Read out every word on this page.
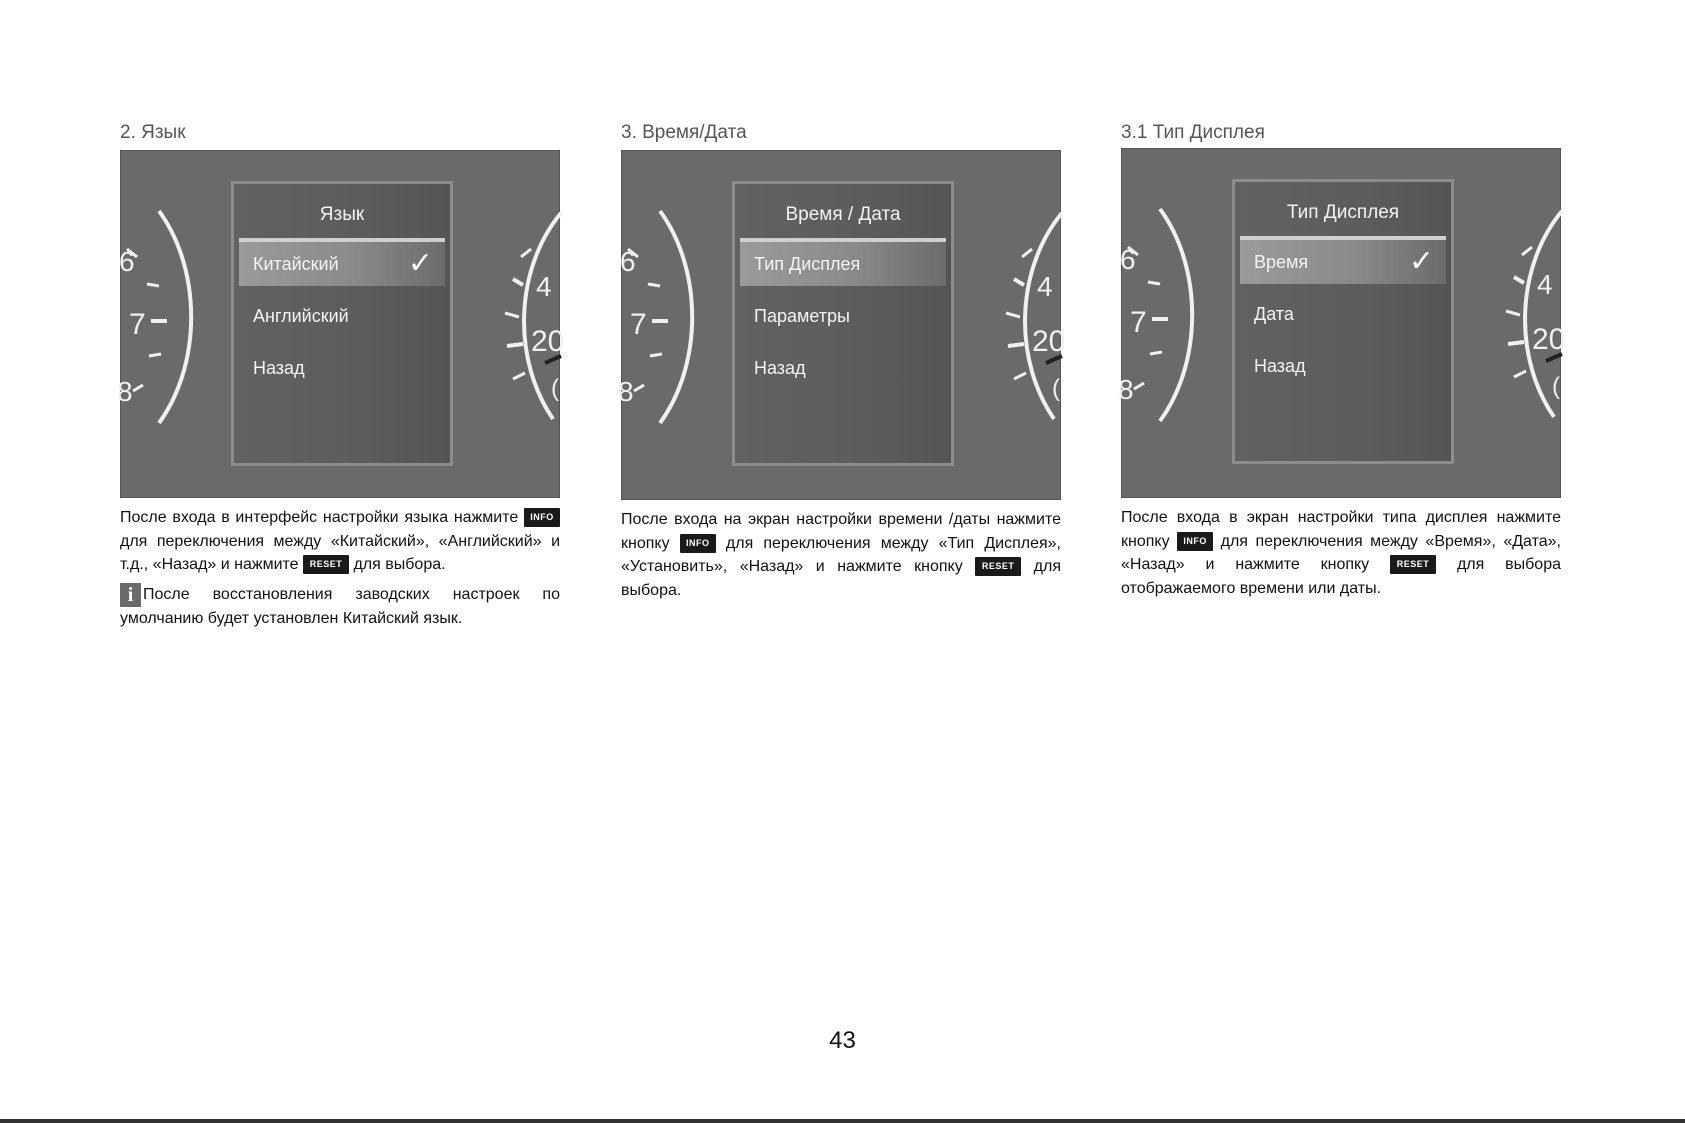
2. Язык
6
7
8
4
20
(
Язык
Китайский ✓
Английский
Назад

После входа в интерфейс настройки языка нажмите INFO для переключения между «Китайский», «Английский» и т.д., «Назад» и нажмите RESET для выбора.

i После восстановления заводских настроек по умолчанию будет установлен Китайский язык.

3. Время/Дата
6
7
8
4
20
(
Время / Дата
Тип Дисплея
Параметры
Назад

После входа на экран настройки времени /даты нажмите кнопку INFO для переключения между «Тип Дисплея», «Установить», «Назад» и нажмите кнопку RESET для выбора.

3.1 Тип Дисплея
6
7
8
4
20
(
Тип Дисплея
Время	✓
Дата
Назад

После входа в экран настройки типа дисплея нажмите кнопку INFO для переключения между «Время», «Дата», «Назад» и нажмите кнопку	RESET для выбора отображаемого времени или даты.

43
